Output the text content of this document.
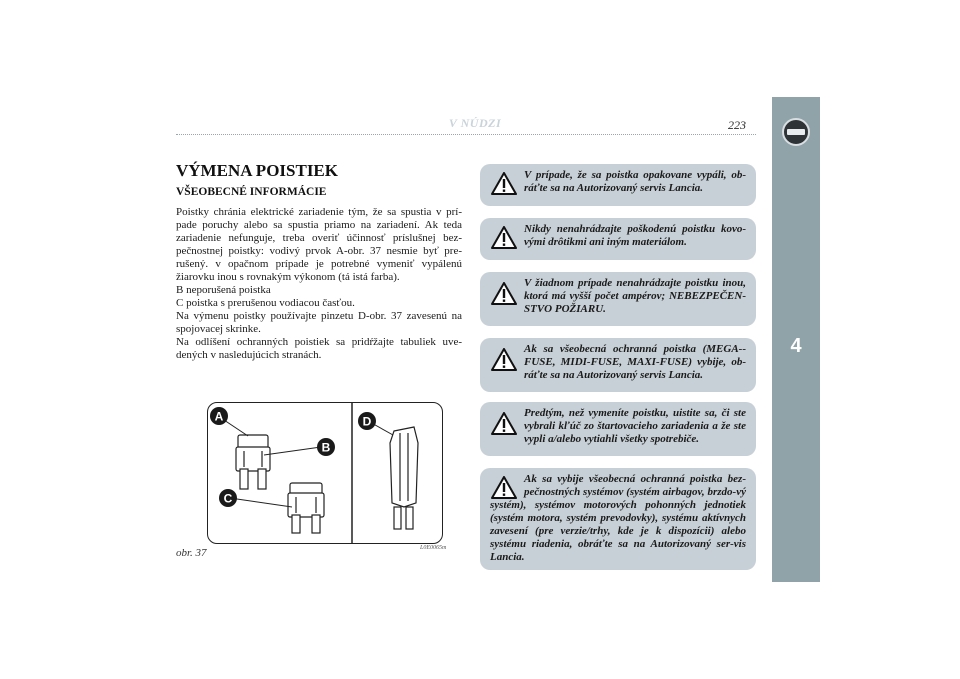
V NÚDZI	223
4
VÝMENA POISTIEK
VŠEOBECNÉ INFORMÁCIE

Poistky chránia elektrické zariadenie tým, že sa spustia v prí-pade poruchy alebo sa spustia priamo na zariadení. Ak teda zariadenie nefunguje, treba overiť účinnosť príslušnej bez-pečnostnej poistky: vodivý prvok A-obr. 37 nesmie byť pre-rušený. v opačnom prípade je potrebné vymeniť vypálenú žiarovku inou s rovnakým výkonom (tá istá farba).

B neporušená poistka

C poistka s prerušenou vodiacou časťou.

Na výmenu poistky používajte pinzetu D-obr. 37 zavesenú na spojovacej skrinke.

Na odlíšení ochranných poistiek sa pridŕžajte tabuliek uve-dených v nasledujúcich stranách.

A
B
C
D
obr. 37	L0E0065m
V prípade, že sa poistka opakovane vypáli, ob-ráťte sa na Autorizovaný servis Lancia.
Nikdy nenahrádzajte poškodenú poistku kovo-vými drôtikmi ani iným materiálom.
V žiadnom prípade nenahrádzajte poistku inou, ktorá má vyšší počet ampérov; NEBEZPEČEN-STVO POŽIARU.
Ak sa všeobecná ochranná poistka (MEGA--FUSE, MIDI-FUSE, MAXI-FUSE) vybije, ob-ráťte sa na Autorizovaný servis Lancia.
Predtým, než vymeníte poistku, uistite sa, či ste vybrali kľúč zo štartovacieho zariadenia a že ste vypli a/alebo vytiahli všetky spotrebiče.
Ak sa vybije všeobecná ochranná poistka bez-pečnostných systémov (systém airbagov, brzdo-vý systém), systémov motorových pohonných jednotiek (systém motora, systém prevodovky), systému aktívnych zavesení (pre verzie/trhy, kde je k dispozícii) alebo systému riadenia, obráťte sa na Autorizovaný ser-vis Lancia.
